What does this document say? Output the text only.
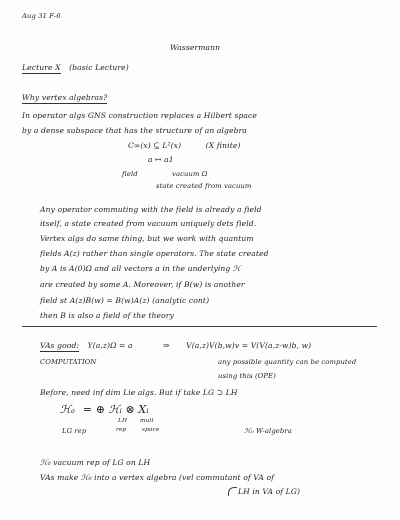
Aug 31 F-6
Wassermann
Lecture X (basic Lecture)
Why vertex algebras?
In operator algs GNS construction replaces a Hilbert space
by a dense subspace that has the structure of an algebra
C∞(x) ⊆ L²(x)	(X finite)
a ↦ a1
field	vacuum Ω
state created from vacuum
Any operator commuting with the field is already a field
itself, a state created from vacuum uniquely dets field.
Vertex algs do same thing, but we work with quantum
fields A(z) rather than single operators. The state created
by A is A(0)Ω and all vectors a in the underlying ℋ
are created by some A. Moreover, if B(w) is another
field st A(z)B(w) = B(w)A(z) (analytic cont)
then B is also a field of the theory
VAs good: Y(a,z)Ω = a	⇒ V(a,z)V(b,w)v = V(V(a,z-w)b, w)
COMPUTATION	any possible quantity can be computed
using this (OPE)
Before, need inf dim Lie algs. But if take LG ⊃ LH
ℋσ = ⊕ ℋᵢ ⊗ Xᵢ
LH mult
rep	space
LG rep	ℋ₀ W-algebra
ℋ₀ vacuum rep of LG on LH
VAs make ℋ₀ into a vertex algebra (vel commutant of VA of
LH in VA of LG)
